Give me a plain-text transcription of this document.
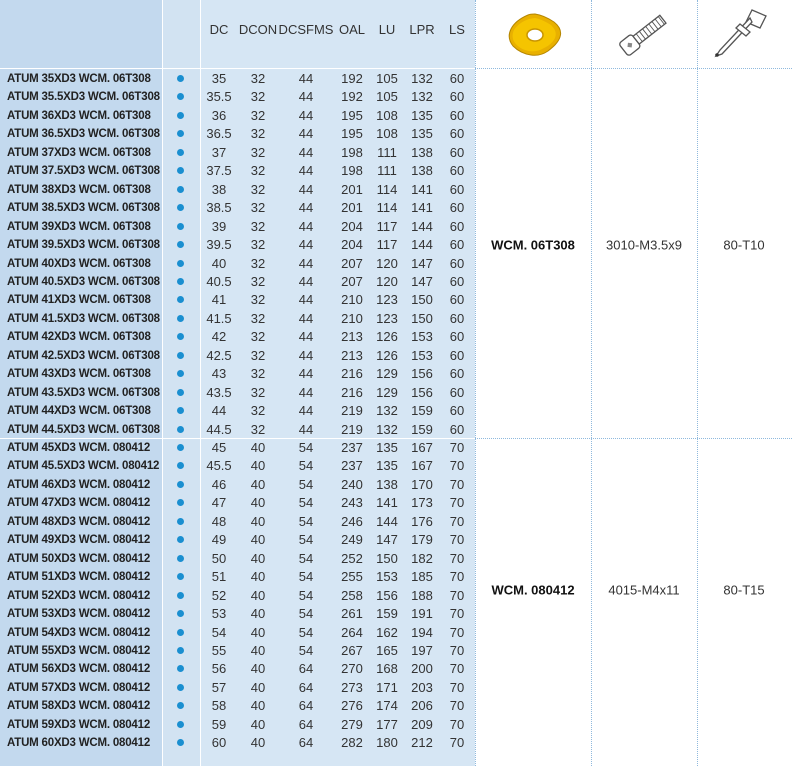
DC DCON DCSFMS OAL LU LPR LS
ATUM 35XD3 WCM. 06T308	35 32	44 192 105 132 60
ATUM 35.5XD3 WCM. 06T308	35.5 32	44 192 105 132 60
ATUM 36XD3 WCM. 06T308	36 32	44 195 108 135 60
ATUM 36.5XD3 WCM. 06T308	36.5 32	44 195 108 135 60
ATUM 37XD3 WCM. 06T308	37 32	44 198 111 138 60
ATUM 37.5XD3 WCM. 06T308	37.5 32	44 198 111 138 60
ATUM 38XD3 WCM. 06T308	38 32	44 201 114 141 60
ATUM 38.5XD3 WCM. 06T308	38.5 32	44 201 114 141 60
ATUM 39XD3 WCM. 06T308	39 32	44 204 117 144 60
ATUM 39.5XD3 WCM. 06T308	39.5 32	44 204 117 144 60
ATUM 40XD3 WCM. 06T308	40 32	44 207 120 147 60
ATUM 40.5XD3 WCM. 06T308	40.5 32	44 207 120 147 60
ATUM 41XD3 WCM. 06T308	41 32	44 210 123 150 60
ATUM 41.5XD3 WCM. 06T308	41.5 32	44 210 123 150 60
ATUM 42XD3 WCM. 06T308	42 32	44 213 126 153 60
ATUM 42.5XD3 WCM. 06T308	42.5 32	44 213 126 153 60
ATUM 43XD3 WCM. 06T308	43 32	44 216 129 156 60
ATUM 43.5XD3 WCM. 06T308	43.5 32	44 216 129 156 60
ATUM 44XD3 WCM. 06T308	44 32	44 219 132 159 60
ATUM 44.5XD3 WCM. 06T308	44.5 32	44 219 132 159 60
ATUM 45XD3 WCM. 080412	45 40	54 237 135 167 70
ATUM 45.5XD3 WCM. 080412	45.5 40	54 237 135 167 70
ATUM 46XD3 WCM. 080412	46 40	54 240 138 170 70
ATUM 47XD3 WCM. 080412	47 40	54 243 141 173 70
ATUM 48XD3 WCM. 080412	48 40	54 246 144 176 70
ATUM 49XD3 WCM. 080412	49 40	54 249 147 179 70
ATUM 50XD3 WCM. 080412	50 40	54 252 150 182 70
ATUM 51XD3 WCM. 080412	51 40	54 255 153 185 70
ATUM 52XD3 WCM. 080412	52 40	54 258 156 188 70
ATUM 53XD3 WCM. 080412	53 40	54 261 159 191 70
ATUM 54XD3 WCM. 080412	54 40	54 264 162 194 70
ATUM 55XD3 WCM. 080412	55 40	54 267 165 197 70
ATUM 56XD3 WCM. 080412	56 40	64 270 168 200 70
ATUM 57XD3 WCM. 080412	57 40	64 273 171 203 70
ATUM 58XD3 WCM. 080412	58 40	64 276 174 206 70
ATUM 59XD3 WCM. 080412	59 40	64 279 177 209 70
ATUM 60XD3 WCM. 080412	60 40	64 282 180 212 70
WCM. 06T308 3010-M3.5x9	80-T10
WCM. 080412	4015-M4x11	80-T15
